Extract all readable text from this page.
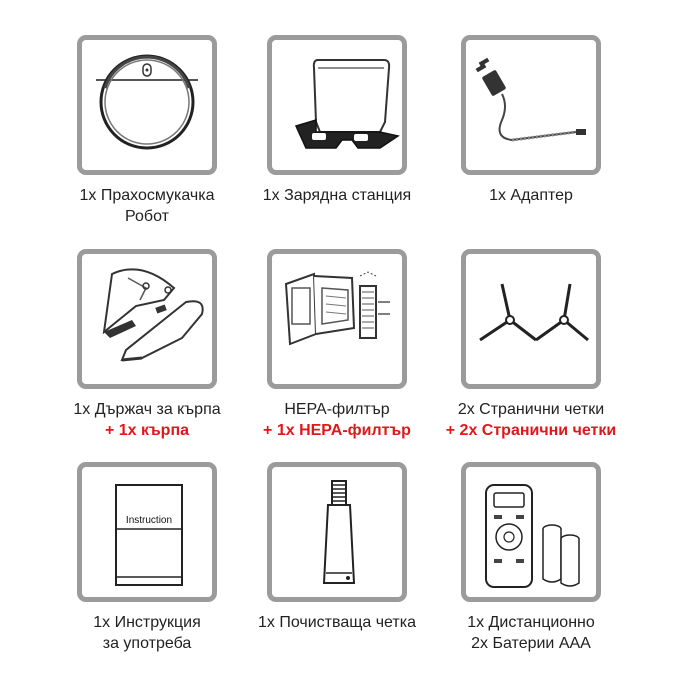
1x Прахосмукачка
Робот
1x Зарядна станция	1x Адаптер
1x Държач за кърпа
+ 1x кърпа
HEPA-филтър
+ 1x HEPA-филтър
2x Странични четки
+ 2x Странични четки
Instruction
1x Инструкция
за употреба
1x Почистваща четка	1x Дистанционно
2x Батерии AAA
